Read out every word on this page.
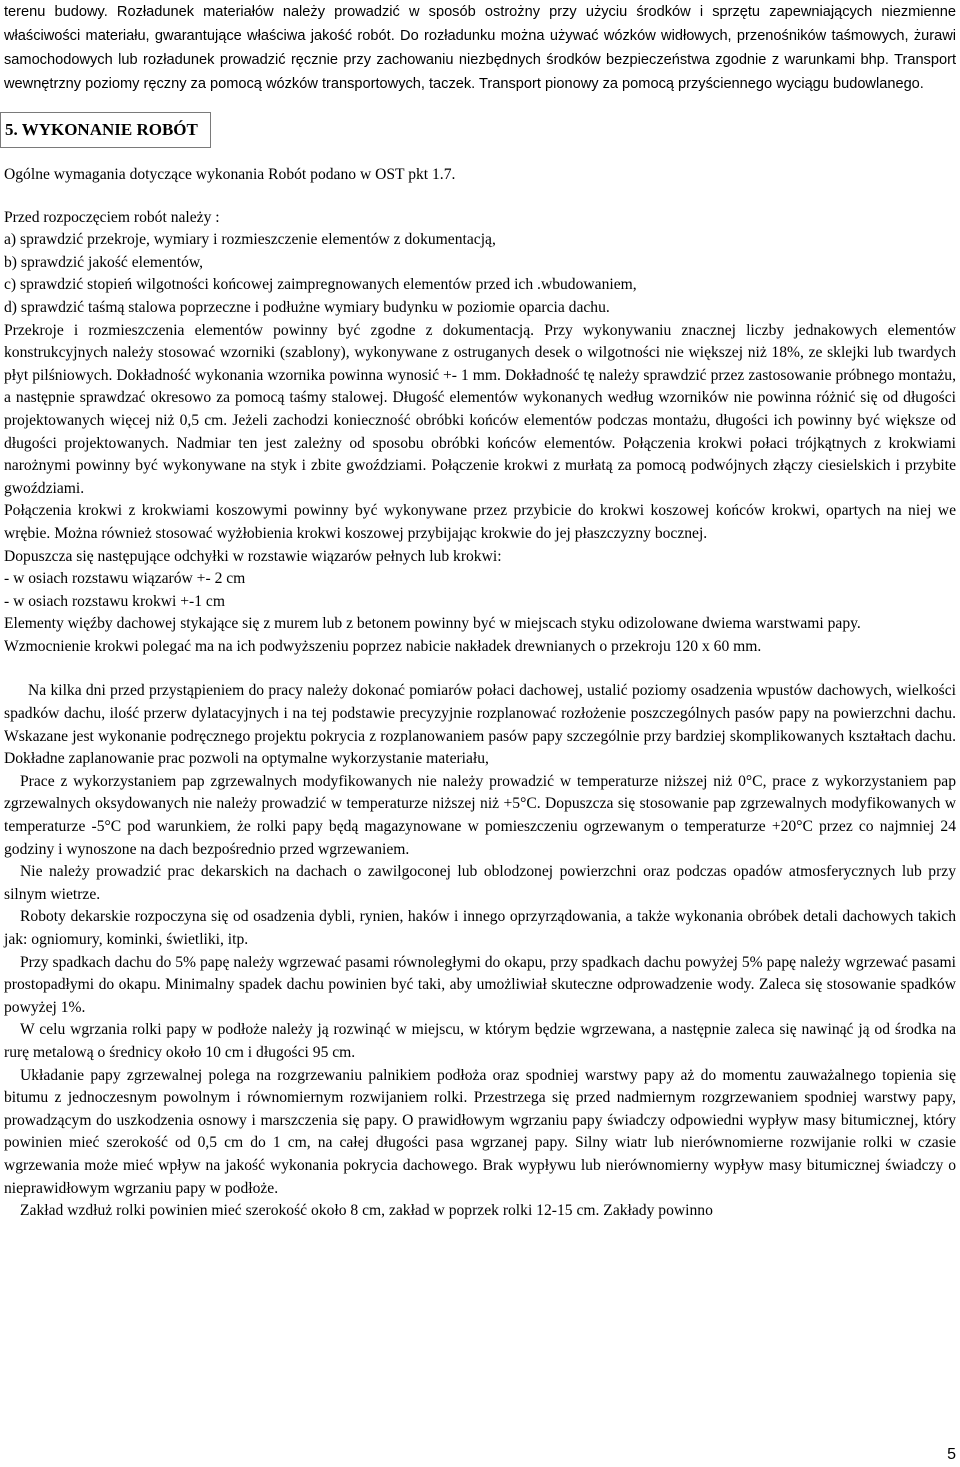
terenu budowy. Rozładunek materiałów należy prowadzić w sposób ostrożny przy użyciu środków i sprzętu zapewniających niezmienne właściwości materiału, gwarantujące właściwa jakość robót. Do rozładunku można używać wózków widłowych, przenośników taśmowych, żurawi samochodowych lub rozładunek prowadzić ręcznie przy zachowaniu niezbędnych środków bezpieczeństwa zgodnie z warunkami bhp. Transport wewnętrzny poziomy ręczny za pomocą wózków transportowych, taczek. Transport pionowy za pomocą przyściennego wyciągu budowlanego.

5. WYKONANIE ROBÓT

Ogólne wymagania dotyczące wykonania Robót podano w OST pkt 1.7.

Przed rozpoczęciem robót należy :

a) sprawdzić przekroje, wymiary i rozmieszczenie elementów z dokumentacją,

b) sprawdzić jakość elementów,

c) sprawdzić stopień wilgotności końcowej zaimpregnowanych elementów przed ich .wbudowaniem,

d) sprawdzić taśmą stalowa poprzeczne i podłużne wymiary budynku w poziomie oparcia dachu.

Przekroje i rozmieszczenia elementów powinny być zgodne z dokumentacją. Przy wykonywaniu znacznej liczby jednakowych elementów konstrukcyjnych należy stosować wzorniki (szablony), wykonywane z ostruganych desek o wilgotności nie większej niż 18%, ze sklejki lub twardych płyt pilśniowych. Dokładność wykonania wzornika powinna wynosić +- 1 mm. Dokładność tę należy sprawdzić przez zastosowanie próbnego montażu, a następnie sprawdzać okresowo za pomocą taśmy stalowej. Długość elementów wykonanych według wzorników nie powinna różnić się od długości projektowanych więcej niż 0,5 cm. Jeżeli zachodzi konieczność obróbki końców elementów podczas montażu, długości ich powinny być większe od długości projektowanych. Nadmiar ten jest zależny od sposobu obróbki końców elementów. Połączenia krokwi połaci trójkątnych z krokwiami narożnymi powinny być wykonywane na styk i zbite gwoździami. Połączenie krokwi z murłatą za pomocą podwójnych złączy ciesielskich i przybite gwoździami.

Połączenia krokwi z krokwiami koszowymi powinny być wykonywane przez przybicie do krokwi koszowej końców krokwi, opartych na niej we wrębie. Można również stosować wyżłobienia krokwi koszowej przybijając krokwie do jej płaszczyzny bocznej.

Dopuszcza się następujące odchyłki w rozstawie wiązarów pełnych lub krokwi:

- w osiach rozstawu wiązarów +- 2 cm

- w osiach rozstawu krokwi +-1 cm

Elementy więźby dachowej stykające się z murem lub z betonem powinny być w miejscach styku odizolowane dwiema warstwami papy.

Wzmocnienie krokwi polegać ma na ich podwyższeniu poprzez nabicie nakładek drewnianych o przekroju 120 x 60 mm.

Na kilka dni przed przystąpieniem do pracy należy dokonać pomiarów połaci dachowej, ustalić poziomy osadzenia wpustów dachowych, wielkości spadków dachu, ilość przerw dylatacyjnych i na tej podstawie precyzyjnie rozplanować rozłożenie poszczególnych pasów papy na powierzchni dachu. Wskazane jest wykonanie podręcznego projektu pokrycia z rozplanowaniem pasów papy szczególnie przy bardziej skomplikowanych kształtach dachu. Dokładne zaplanowanie prac pozwoli na optymalne wykorzystanie materiału,

Prace z wykorzystaniem pap zgrzewalnych modyfikowanych nie należy prowadzić w temperaturze niższej niż 0°C, prace z wykorzystaniem pap zgrzewalnych oksydowanych nie należy prowadzić w temperaturze niższej niż +5°C. Dopuszcza się stosowanie pap zgrzewalnych modyfikowanych w temperaturze -5°C pod warunkiem, że rolki papy będą magazynowane w pomieszczeniu ogrzewanym o temperaturze +20°C przez co najmniej 24 godziny i wynoszone na dach bezpośrednio przed wgrzewaniem.

Nie należy prowadzić prac dekarskich na dachach o zawilgoconej lub oblodzonej powierzchni oraz podczas opadów atmosferycznych lub przy silnym wietrze.

Roboty dekarskie rozpoczyna się od osadzenia dybli, rynien, haków i innego oprzyrządowania, a także wykonania obróbek detali dachowych takich jak: ogniomury, kominki, świetliki, itp.

Przy spadkach dachu do 5% papę należy wgrzewać pasami równoległymi do okapu, przy spadkach dachu powyżej 5% papę należy wgrzewać pasami prostopadłymi do okapu. Minimalny spadek dachu powinien być taki, aby umożliwiał skuteczne odprowadzenie wody. Zaleca się stosowanie spadków powyżej 1%.

W celu wgrzania rolki papy w podłoże należy ją rozwinąć w miejscu, w którym będzie wgrzewana, a następnie zaleca się nawinąć ją od środka na rurę metalową o średnicy około 10 cm i długości 95 cm.

Układanie papy zgrzewalnej polega na rozgrzewaniu palnikiem podłoża oraz spodniej warstwy papy aż do momentu zauważalnego topienia się bitumu z jednoczesnym powolnym i równomiernym rozwijaniem rolki. Przestrzega się przed nadmiernym rozgrzewaniem spodniej warstwy papy, prowadzącym do uszkodzenia osnowy i marszczenia się papy. O prawidłowym wgrzaniu papy świadczy odpowiedni wypływ masy bitumicznej, który powinien mieć szerokość od 0,5 cm do 1 cm, na całej długości pasa wgrzanej papy. Silny wiatr lub nierównomierne rozwijanie rolki w czasie wgrzewania może mieć wpływ na jakość wykonania pokrycia dachowego. Brak wypływu lub nierównomierny wypływ masy bitumicznej świadczy o nieprawidłowym wgrzaniu papy w podłoże.

Zakład wzdłuż rolki powinien mieć szerokość około 8 cm, zakład w poprzek rolki 12-15 cm. Zakłady powinno

5
